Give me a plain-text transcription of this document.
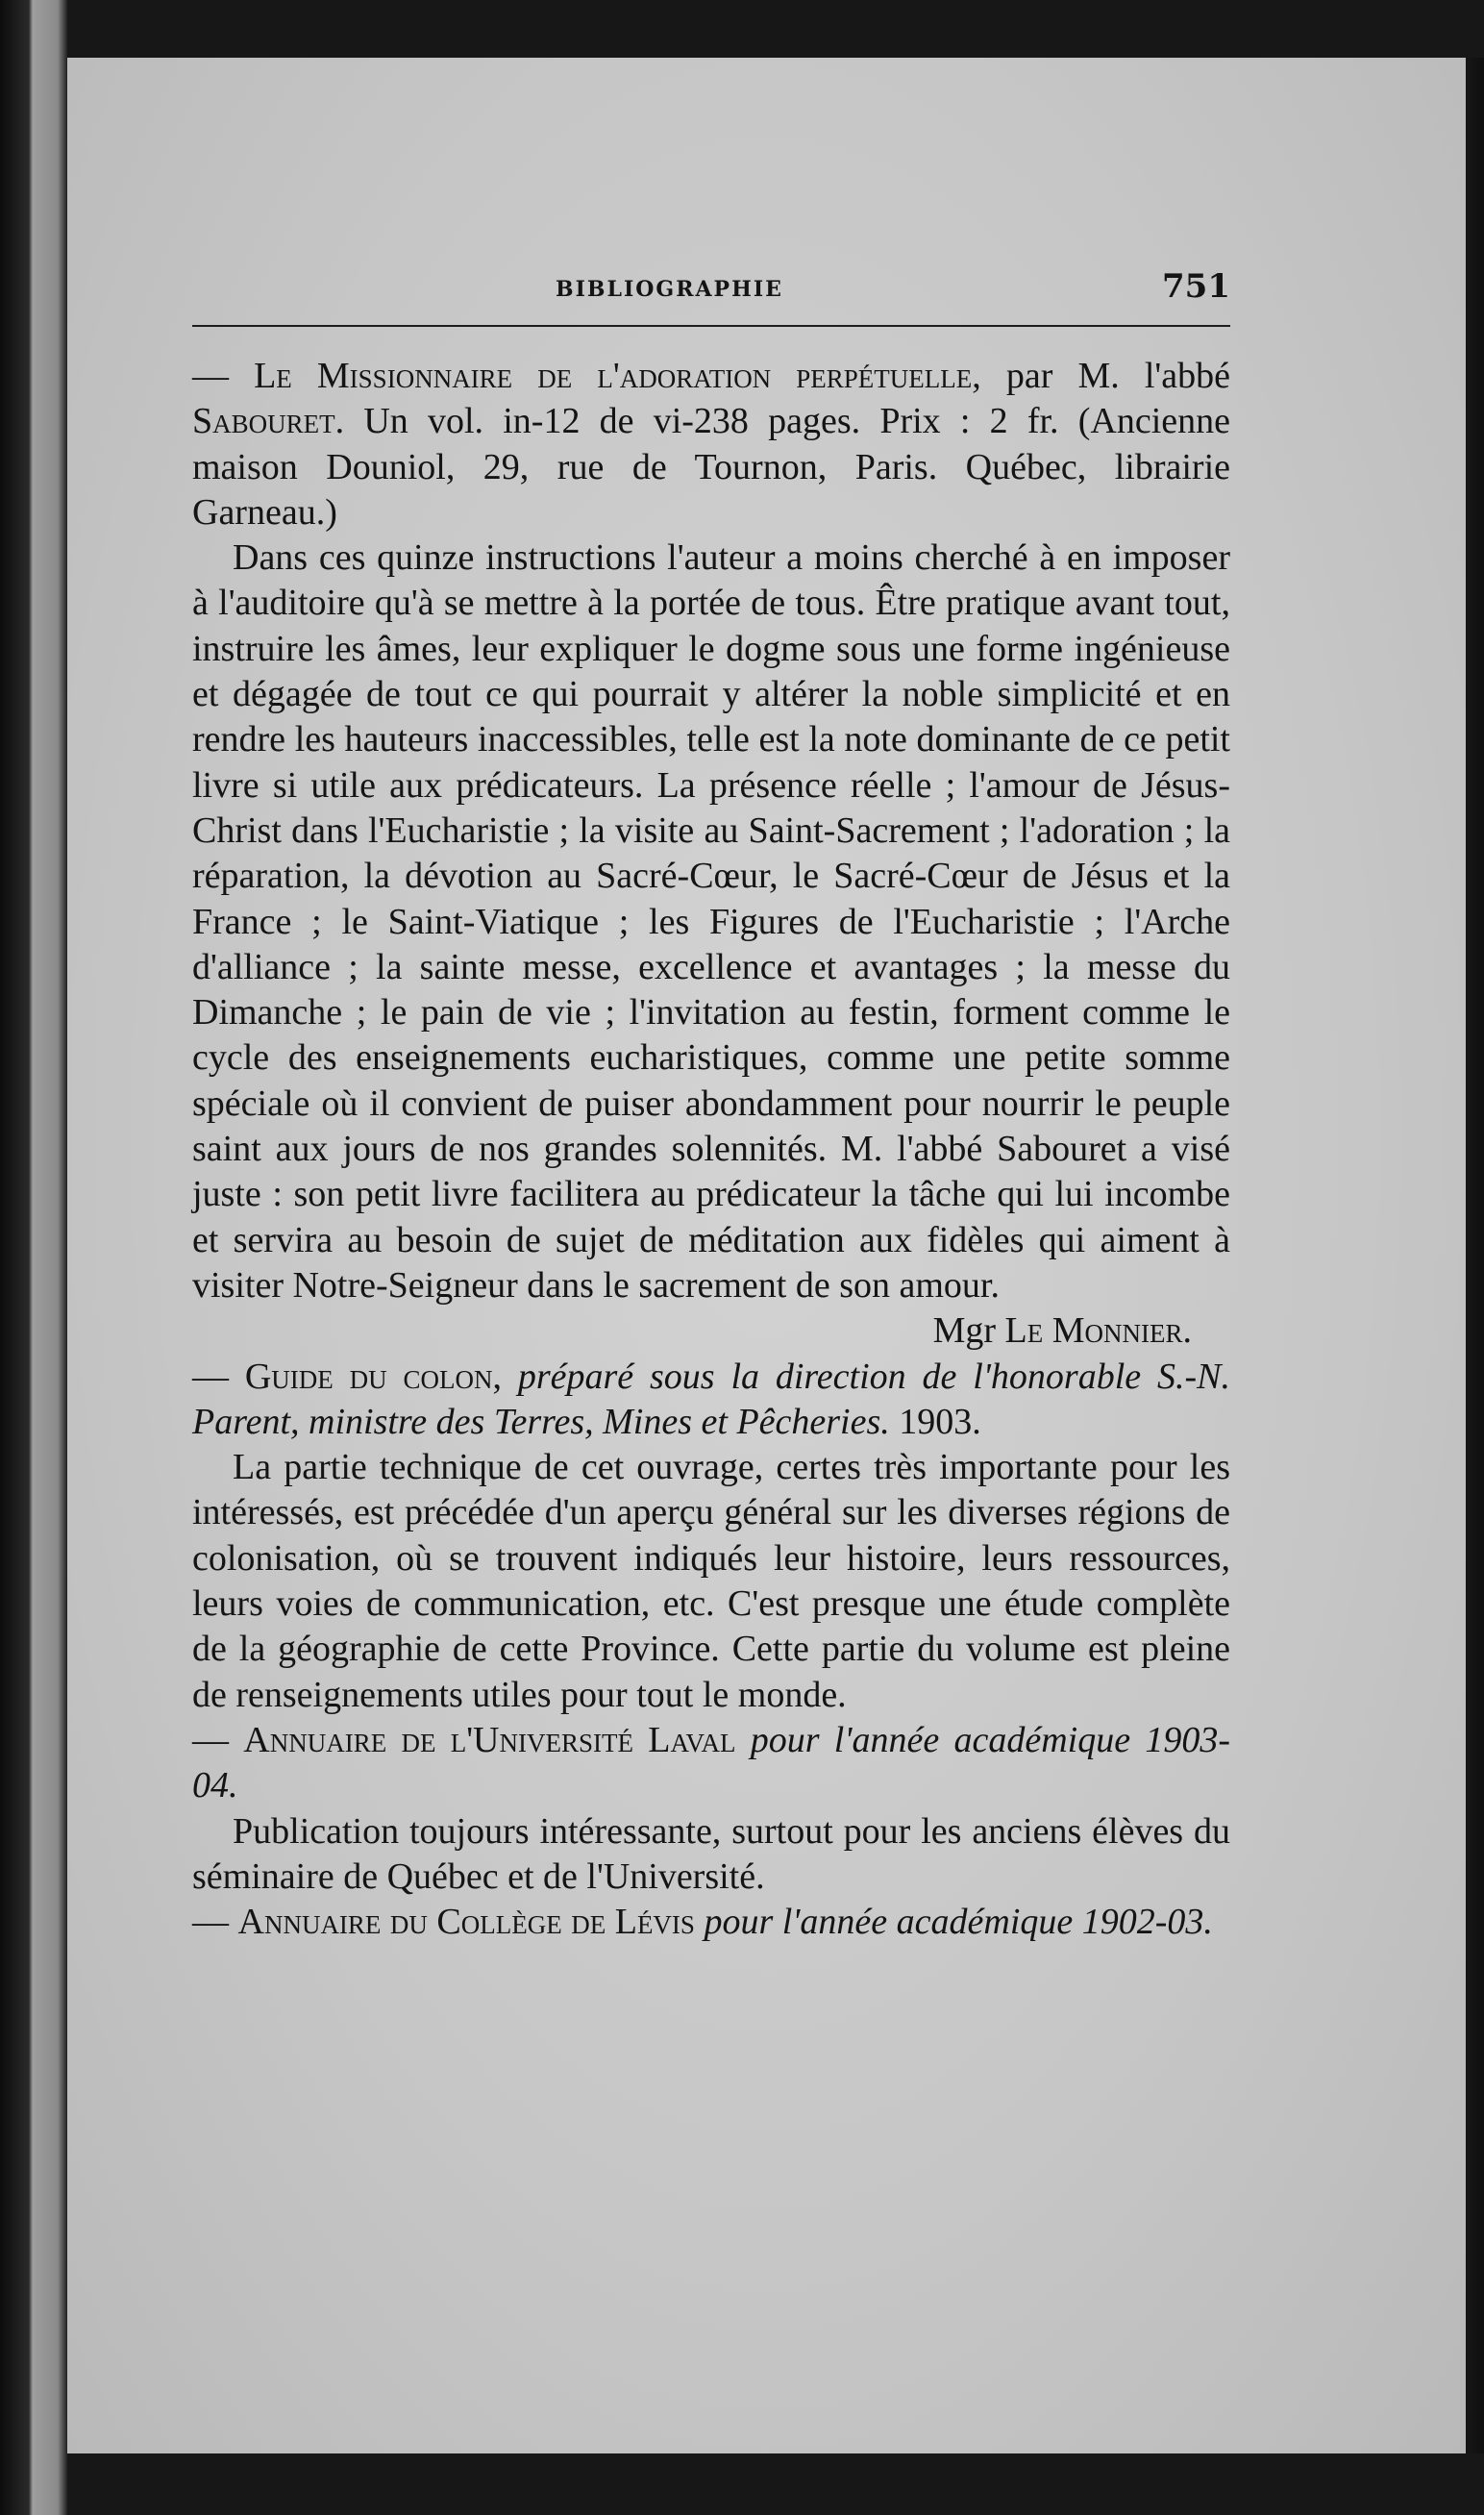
BIBLIOGRAPHIE	751

— Le Missionnaire de l'adoration perpétuelle, par M. l'abbé Sabouret. Un vol. in-12 de vi-238 pages. Prix : 2 fr. (Ancienne maison Douniol, 29, rue de Tournon, Paris. Québec, librairie Garneau.)

Dans ces quinze instructions l'auteur a moins cherché à en imposer à l'auditoire qu'à se mettre à la portée de tous. Être pratique avant tout, instruire les âmes, leur expliquer le dogme sous une forme ingénieuse et dégagée de tout ce qui pourrait y altérer la noble simplicité et en rendre les hauteurs inaccessibles, telle est la note dominante de ce petit livre si utile aux prédicateurs. La présence réelle ; l'amour de Jésus-Christ dans l'Eucharistie ; la visite au Saint-Sacrement ; l'adoration ; la réparation, la dévotion au Sacré-Cœur, le Sacré-Cœur de Jésus et la France ; le Saint-Viatique ; les Figures de l'Eucharistie ; l'Arche d'alliance ; la sainte messe, excellence et avantages ; la messe du Dimanche ; le pain de vie ; l'invitation au festin, forment comme le cycle des enseignements eucharistiques, comme une petite somme spéciale où il convient de puiser abondamment pour nourrir le peuple saint aux jours de nos grandes solennités. M. l'abbé Sabouret a visé juste : son petit livre facilitera au prédicateur la tâche qui lui incombe et servira au besoin de sujet de méditation aux fidèles qui aiment à visiter Notre-Seigneur dans le sacrement de son amour.

Mgr Le Monnier.

— Guide du colon, préparé sous la direction de l'honorable S.-N. Parent, ministre des Terres, Mines et Pêcheries. 1903.

La partie technique de cet ouvrage, certes très importante pour les intéressés, est précédée d'un aperçu général sur les diverses régions de colonisation, où se trouvent indiqués leur histoire, leurs ressources, leurs voies de communication, etc. C'est presque une étude complète de la géographie de cette Province. Cette partie du volume est pleine de renseignements utiles pour tout le monde.

— Annuaire de l'Université Laval pour l'année académique 1903-04.

Publication toujours intéressante, surtout pour les anciens élèves du séminaire de Québec et de l'Université.

— Annuaire du Collège de Lévis pour l'année académique 1902-03.
